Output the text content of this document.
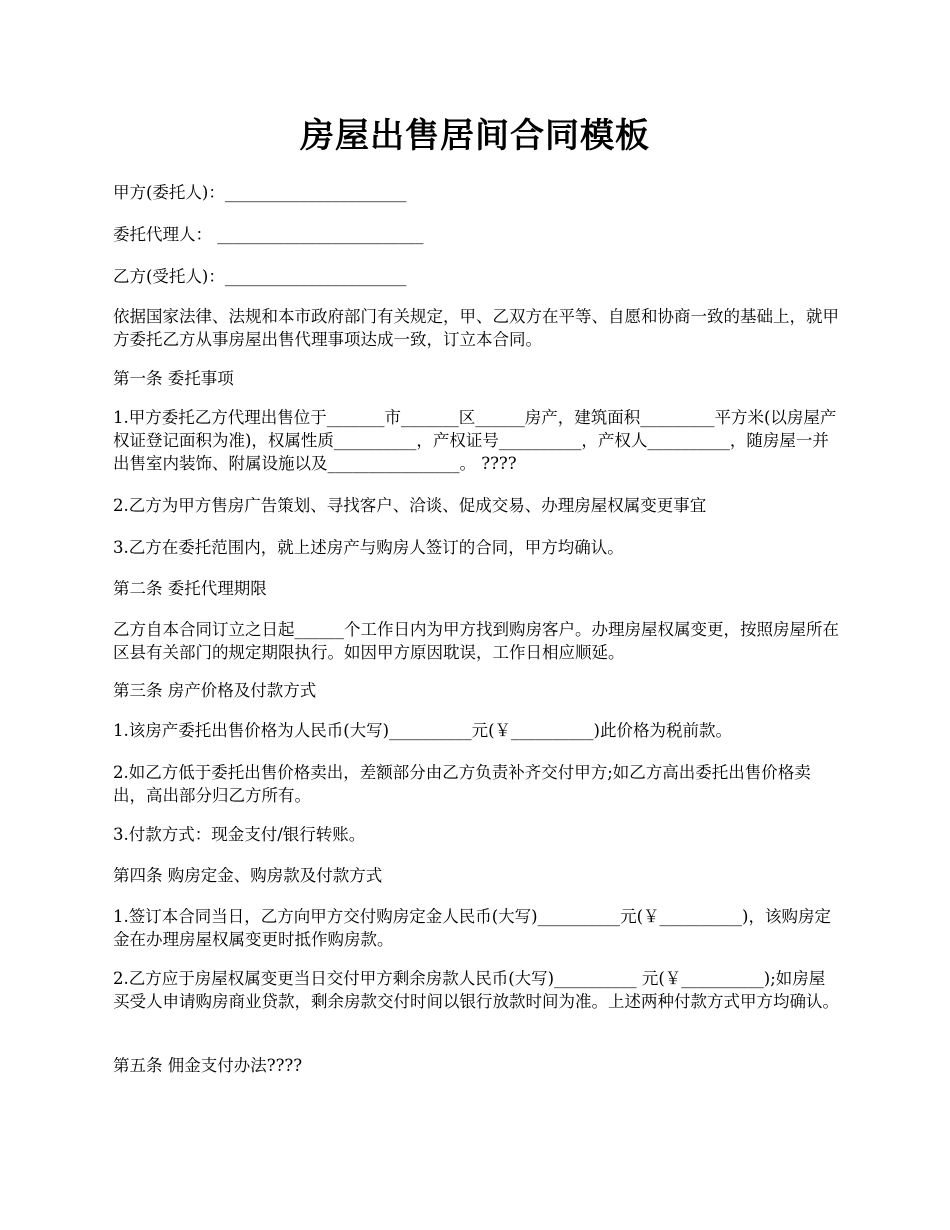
房屋出售居间合同模板

甲方(委托人)：______________________

委托代理人： _________________________

乙方(受托人)：______________________

依据国家法律、法规和本市政府部门有关规定，甲、乙双方在平等、自愿和协商一致的基础上，就甲方委托乙方从事房屋出售代理事项达成一致，订立本合同。

第一条 委托事项

1.甲方委托乙方代理出售位于_______市_______区______房产，建筑面积_________平方米(以房屋产权证登记面积为准)，权属性质__________，产权证号__________，产权人__________，随房屋一并出售室内装饰、附属设施以及________________。 ????

2.乙方为甲方售房广告策划、寻找客户、洽谈、促成交易、办理房屋权属变更事宜

3.乙方在委托范围内，就上述房产与购房人签订的合同，甲方均确认。

第二条 委托代理期限

乙方自本合同订立之日起______个工作日内为甲方找到购房客户。办理房屋权属变更，按照房屋所在区县有关部门的规定期限执行。如因甲方原因耽误，工作日相应顺延。

第三条 房产价格及付款方式

1.该房产委托出售价格为人民币(大写)__________元(￥__________)此价格为税前款。

2.如乙方低于委托出售价格卖出，差额部分由乙方负责补齐交付甲方;如乙方高出委托出售价格卖出，高出部分归乙方所有。

3.付款方式：现金支付/银行转账。

第四条 购房定金、购房款及付款方式

1.签订本合同当日，乙方向甲方交付购房定金人民币(大写)__________元(￥__________)，该购房定金在办理房屋权属变更时抵作购房款。

2.乙方应于房屋权属变更当日交付甲方剩余房款人民币(大写)__________ 元(￥__________);如房屋买受人申请购房商业贷款，剩余房款交付时间以银行放款时间为准。上述两种付款方式甲方均确认。

第五条 佣金支付办法????
